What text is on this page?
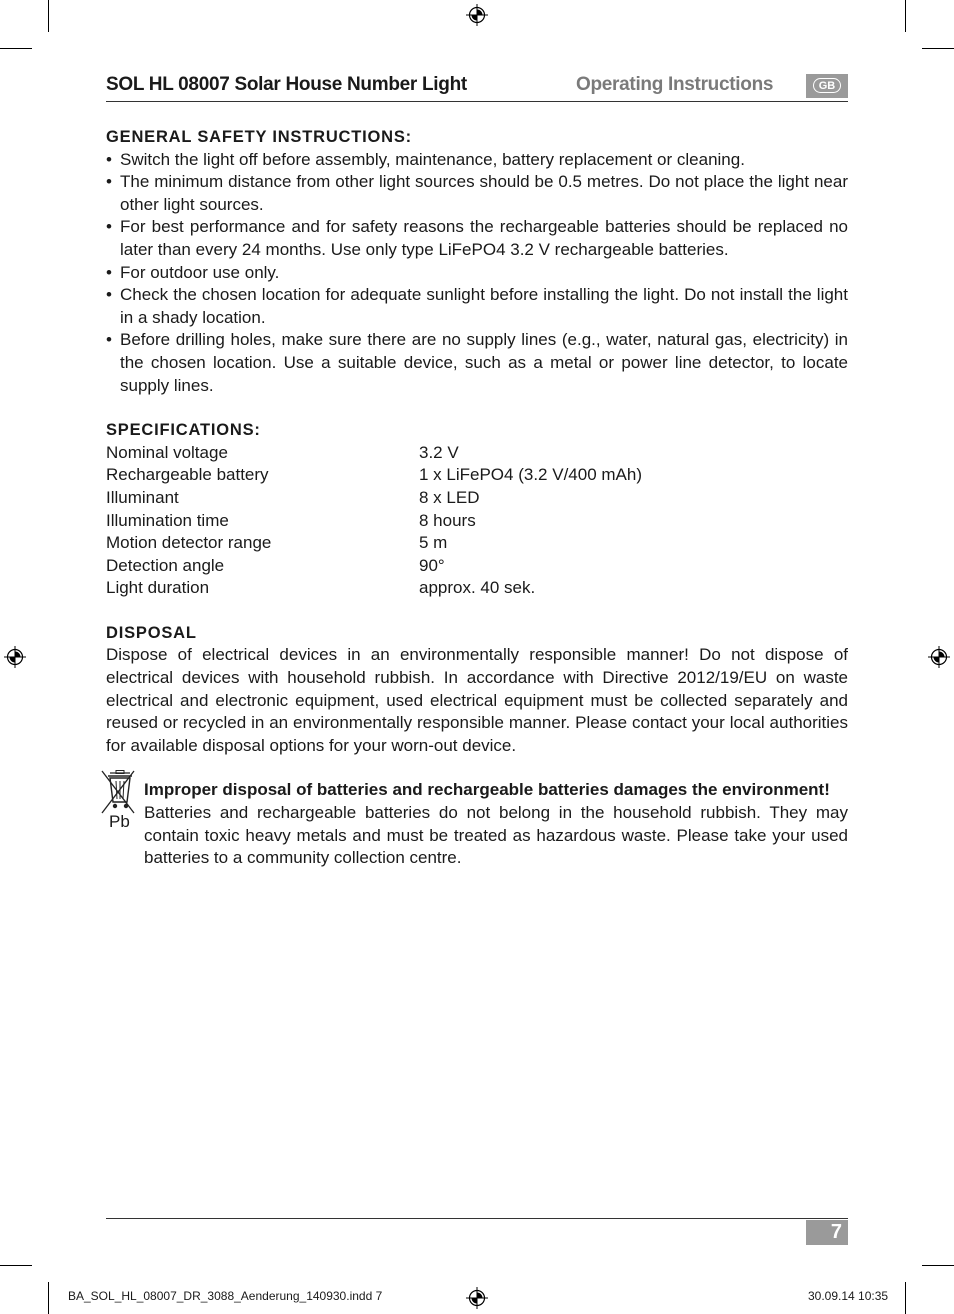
SOL HL 08007 Solar House Number Light	Operating Instructions	GB
GENERAL SAFETY INSTRUCTIONS:
• Switch the light off before assembly, maintenance, battery replacement or cleaning.
• The minimum distance from other light sources should be 0.5 metres. Do not place the light near other light sources.
• For best performance and for safety reasons the rechargeable batteries should be replaced no later than every 24 months. Use only type LiFePO4 3.2 V rechargeable batteries.
• For outdoor use only.
• Check the chosen location for adequate sunlight before installing the light. Do not install the light in a shady location.
• Before drilling holes, make sure there are no supply lines (e.g., water, natural gas, electricity) in the chosen location. Use a suitable device, such as a metal or power line detector, to locate supply lines.
SPECIFICATIONS:
Nominal voltage	3.2 V
Rechargeable battery	1 x LiFePO4 (3.2 V/400 mAh)
Illuminant	8 x LED
Illumination time	8 hours
Motion detector range	5 m
Detection angle	90°
Light duration	approx. 40 sek.
DISPOSAL

Dispose of electrical devices in an environmentally responsible manner! Do not dispose of electrical devices with household rubbish. In accordance with Directive 2012/19/EU on waste electrical and electronic equipment, used electrical equipment must be collected separately and reused or recycled in an environmentally responsible manner. Please contact your local authorities for available disposal options for your worn-out device.

Pb
Improper disposal of batteries and rechargeable batteries damages the environment!
Batteries and rechargeable batteries do not belong in the household rubbish. They may contain toxic heavy metals and must be treated as hazardous waste. Please take your used batteries to a community collection centre.
7
BA_SOL_HL_08007_DR_3088_Aenderung_140930.indd 7	30.09.14 10:35
